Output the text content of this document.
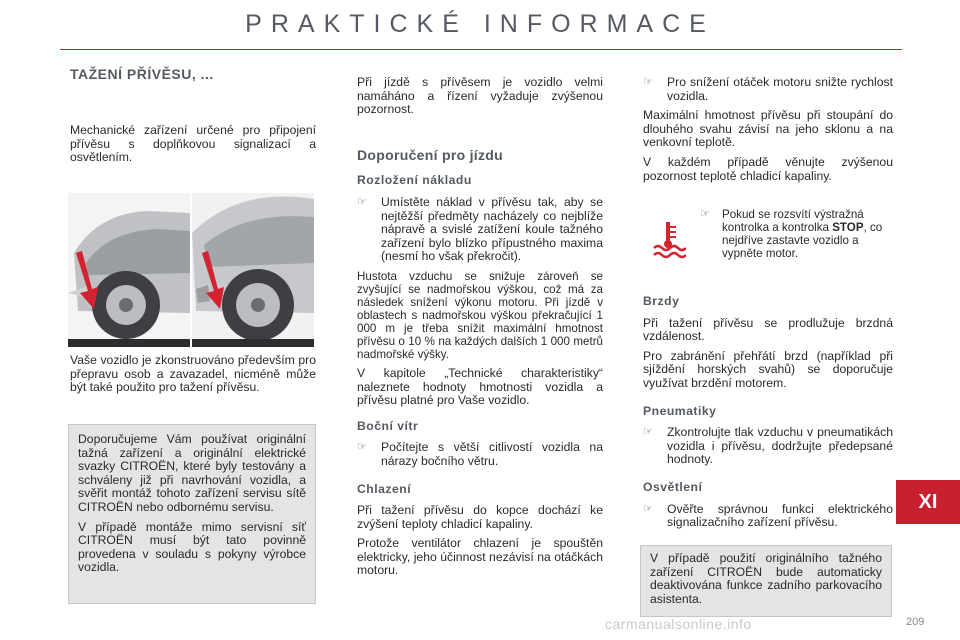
PRAKTICKÉ INFORMACE
TAŽENÍ PŘÍVĚSU, ...

Mechanické zařízení určené pro připojení přívěsu s doplňkovou signalizací a osvětlením.

Vaše vozidlo je zkonstruováno především pro přepravu osob a zavazadel, nicméně může být také použito pro tažení přívěsu.

Doporučujeme Vám používat originální tažná zařízení a originální elektrické svazky CITROËN, které byly testovány a schváleny již při navrhování vozidla, a svěřit montáž tohoto zařízení servisu sítě CITROËN nebo odbornému servisu.

V případě montáže mimo servisní síť CITROËN musí být tato povinně provedena v souladu s pokyny výrobce vozidla.

Při jízdě s přívěsem je vozidlo velmi namáháno a řízení vyžaduje zvýšenou pozornost.

Doporučení pro jízdu
Rozložení nákladu
☞	Umístěte náklad v přívěsu tak, aby se nejtěžší předměty nacházely co nejblíže nápravě a svislé zatížení koule tažného zařízení bylo blízko přípustného maxima (nesmí ho však překročit).

Hustota vzduchu se snižuje zároveň se zvyšující se nadmořskou výškou, což má za následek snížení výkonu motoru. Při jízdě v oblastech s nadmořskou výškou překračující 1 000 m je třeba snížit maximální hmotnost přívěsu o 10 % na každých dalších 1 000 metrů nadmořské výšky.

V kapitole „Technické charakteristiky“ naleznete hodnoty hmotnosti vozidla a přívěsu platné pro Vaše vozidlo.

Boční vítr
☞	Počítejte s větší citlivostí vozidla na nárazy bočního větru.
Chlazení

Při tažení přívěsu do kopce dochází ke zvýšení teploty chladicí kapaliny.

Protože ventilátor chlazení je spouštěn elektricky, jeho účinnost nezávisí na otáčkách motoru.

☞	Pro snížení otáček motoru snižte rychlost vozidla.

Maximální hmotnost přívěsu při stoupání do dlouhého svahu závisí na jeho sklonu a na venkovní teplotě.

V každém případě věnujte zvýšenou pozornost teplotě chladicí kapaliny.

☞	Pokud se rozsvítí výstražná kontrolka a kontrolka STOP, co nejdříve zastavte vozidlo a vypněte motor.
Brzdy

Při tažení přívěsu se prodlužuje brzdná vzdálenost.

Pro zabránění přehřátí brzd (například při sjíždění horských svahů) se doporučuje využívat brzdění motorem.

Pneumatiky
☞	Zkontrolujte tlak vzduchu v pneumatikách vozidla i přívěsu, dodržujte předepsané hodnoty.
Osvětlení
☞	Ověřte správnou funkci elektrického signalizačního zařízení přívěsu.

V případě použití originálního tažného zařízení CITROËN bude automaticky deaktivována funkce zadního parkovacího asistenta.

XI
carmanualsonline.info	209
